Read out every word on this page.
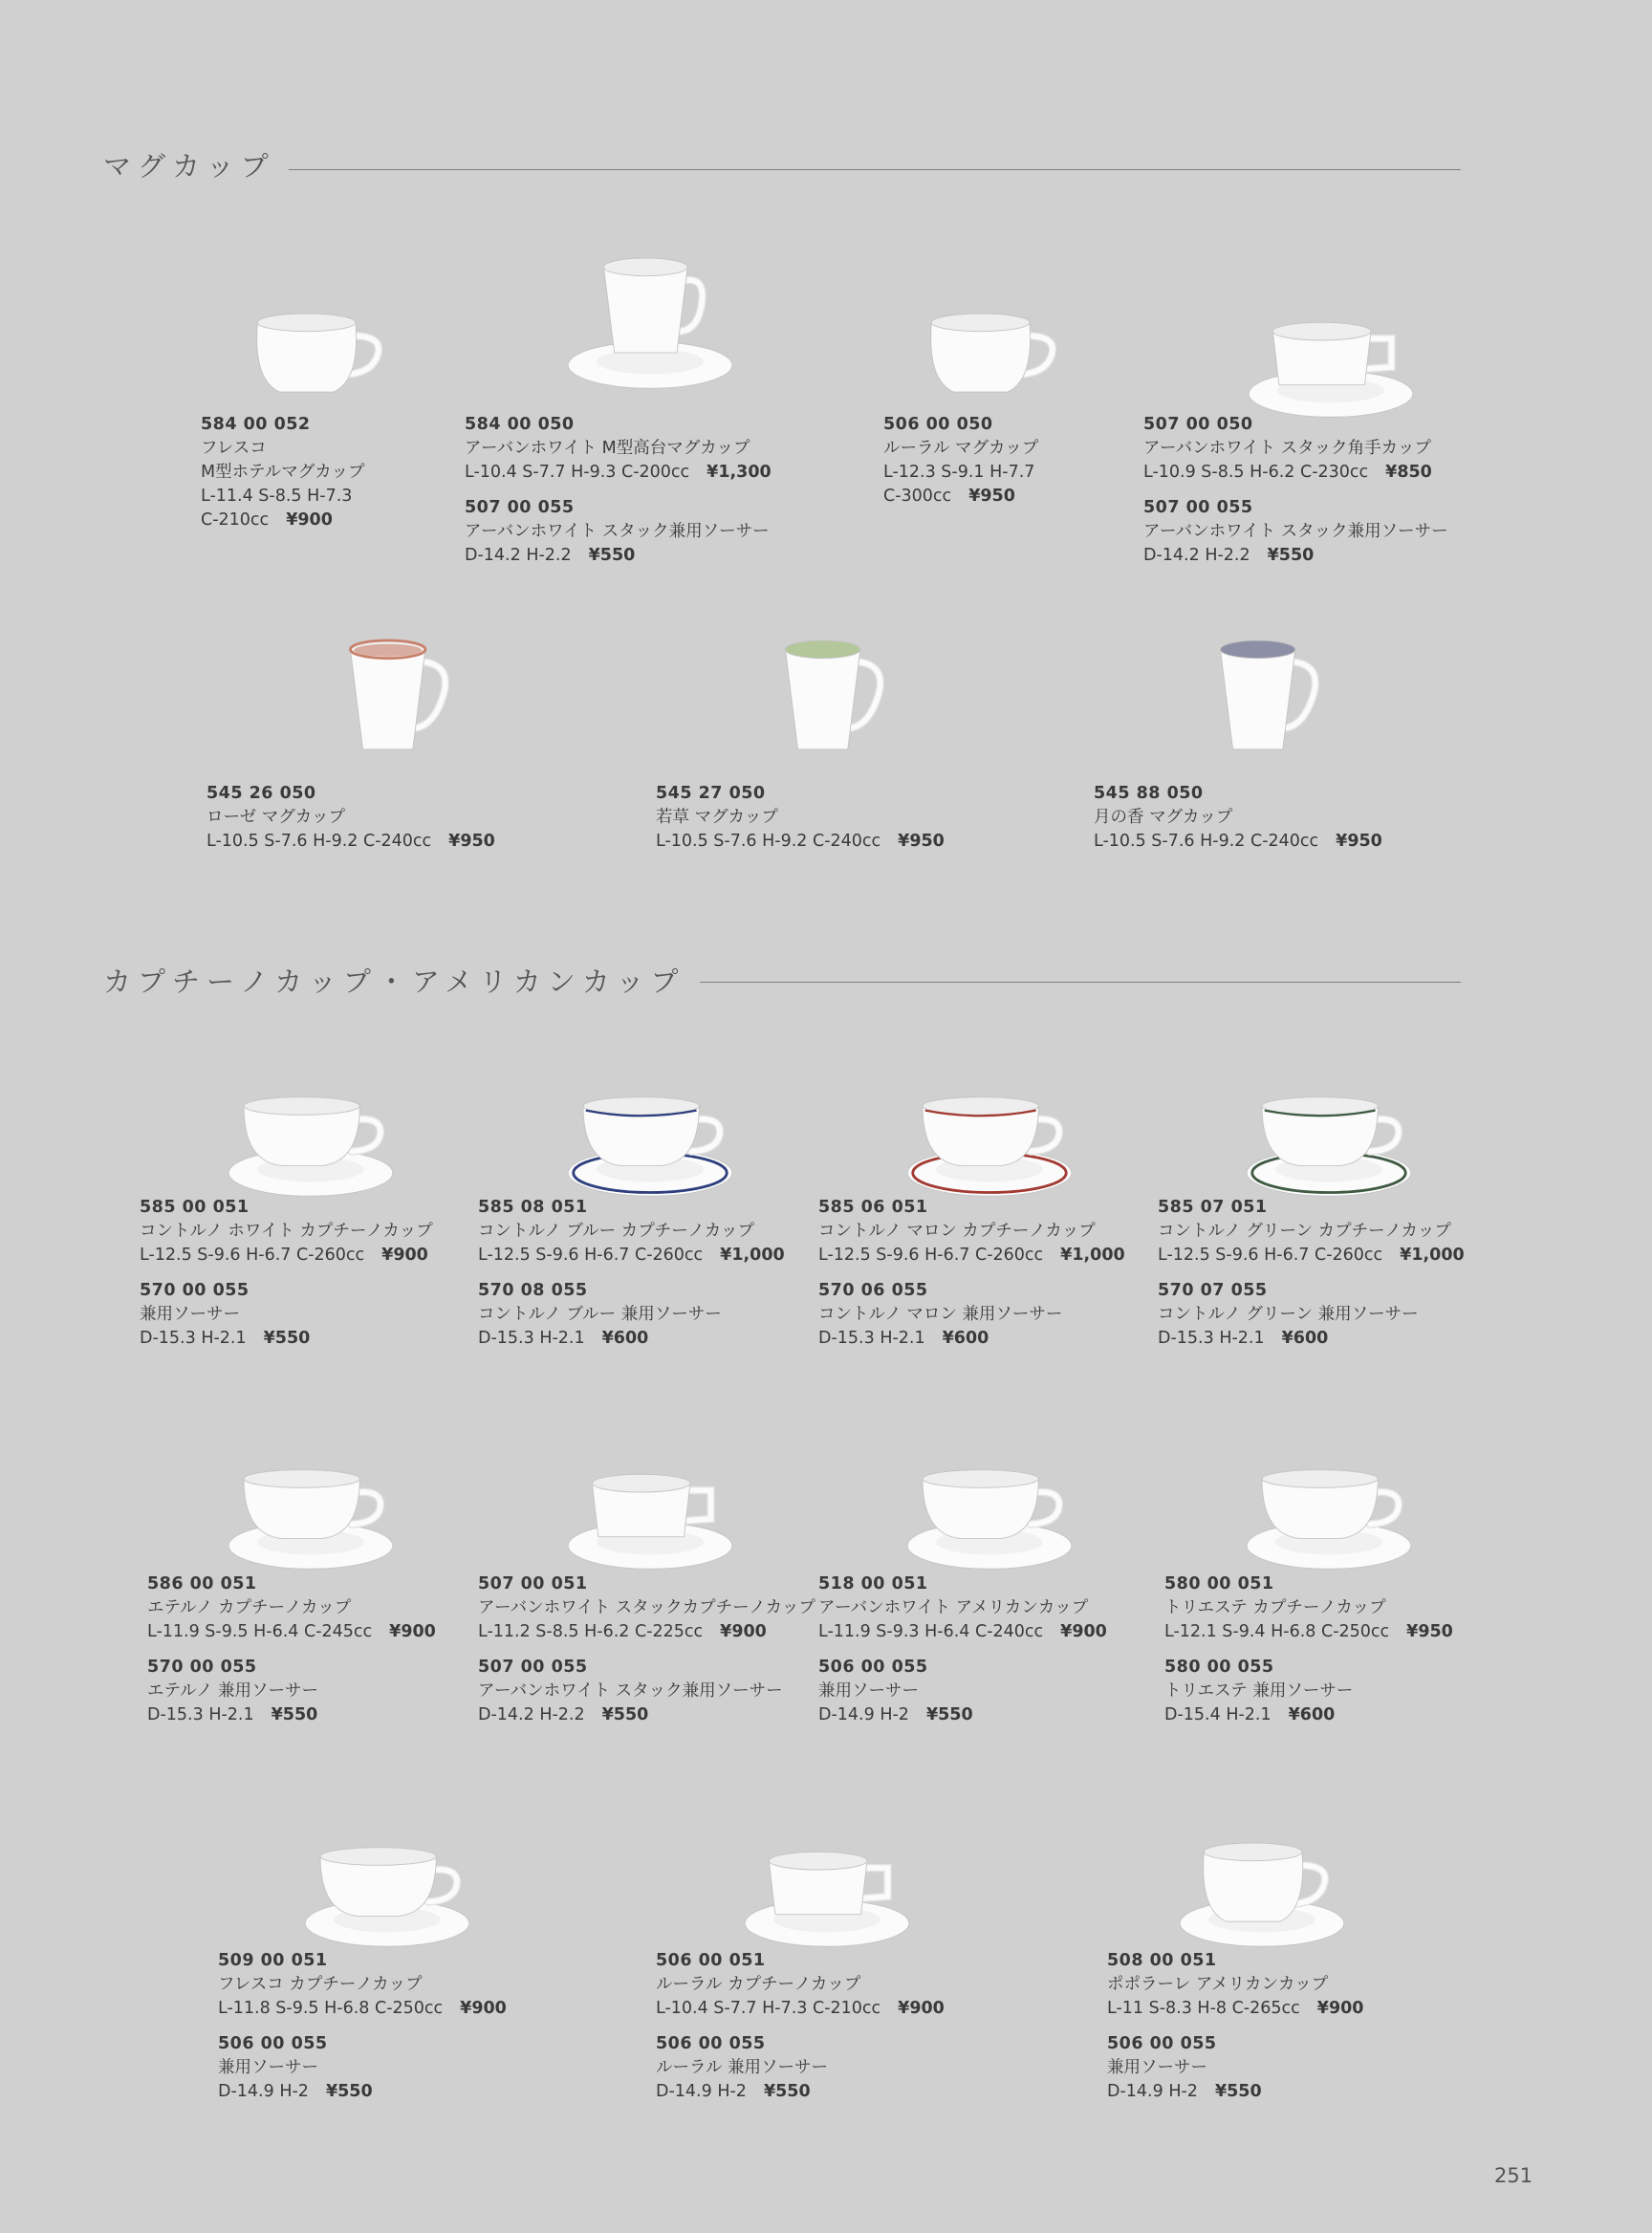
マグカップ
カプチーノカップ・アメリカンカップ
584 00 052
フレスコ
M型ホテルマグカップ
L-11.4 S-8.5 H-7.3
C-210cc ¥900
584 00 050
アーバンホワイト M型高台マグカップ
L-10.4 S-7.7 H-9.3 C-200cc ¥1,300
507 00 055
アーバンホワイト スタック兼用ソーサー
D-14.2 H-2.2 ¥550
506 00 050
ルーラル マグカップ
L-12.3 S-9.1 H-7.7
C-300cc ¥950
507 00 050
アーバンホワイト スタック角手カップ
L-10.9 S-8.5 H-6.2 C-230cc ¥850
507 00 055
アーバンホワイト スタック兼用ソーサー
D-14.2 H-2.2 ¥550
545 26 050
ローゼ マグカップ
L-10.5 S-7.6 H-9.2 C-240cc ¥950
545 27 050
若草 マグカップ
L-10.5 S-7.6 H-9.2 C-240cc ¥950
545 88 050
月の香 マグカップ
L-10.5 S-7.6 H-9.2 C-240cc ¥950
585 00 051
コントルノ ホワイト カプチーノカップ
L-12.5 S-9.6 H-6.7 C-260cc ¥900
570 00 055
兼用ソーサー
D-15.3 H-2.1 ¥550
585 08 051
コントルノ ブルー カプチーノカップ
L-12.5 S-9.6 H-6.7 C-260cc ¥1,000
570 08 055
コントルノ ブルー 兼用ソーサー
D-15.3 H-2.1 ¥600
585 06 051
コントルノ マロン カプチーノカップ
L-12.5 S-9.6 H-6.7 C-260cc ¥1,000
570 06 055
コントルノ マロン 兼用ソーサー
D-15.3 H-2.1 ¥600
585 07 051
コントルノ グリーン カプチーノカップ
L-12.5 S-9.6 H-6.7 C-260cc ¥1,000
570 07 055
コントルノ グリーン 兼用ソーサー
D-15.3 H-2.1 ¥600
586 00 051
エテルノ カプチーノカップ
L-11.9 S-9.5 H-6.4 C-245cc ¥900
570 00 055
エテルノ 兼用ソーサー
D-15.3 H-2.1 ¥550
507 00 051
アーバンホワイト スタックカプチーノカップ
L-11.2 S-8.5 H-6.2 C-225cc ¥900
507 00 055
アーバンホワイト スタック兼用ソーサー
D-14.2 H-2.2 ¥550
518 00 051
アーバンホワイト アメリカンカップ
L-11.9 S-9.3 H-6.4 C-240cc ¥900
506 00 055
兼用ソーサー
D-14.9 H-2 ¥550
580 00 051
トリエステ カプチーノカップ
L-12.1 S-9.4 H-6.8 C-250cc ¥950
580 00 055
トリエステ 兼用ソーサー
D-15.4 H-2.1 ¥600
509 00 051
フレスコ カプチーノカップ
L-11.8 S-9.5 H-6.8 C-250cc ¥900
506 00 055
兼用ソーサー
D-14.9 H-2 ¥550
506 00 051
ルーラル カプチーノカップ
L-10.4 S-7.7 H-7.3 C-210cc ¥900
506 00 055
ルーラル 兼用ソーサー
D-14.9 H-2 ¥550
508 00 051
ポポラーレ アメリカンカップ
L-11 S-8.3 H-8 C-265cc ¥900
506 00 055
兼用ソーサー
D-14.9 H-2 ¥550
251
